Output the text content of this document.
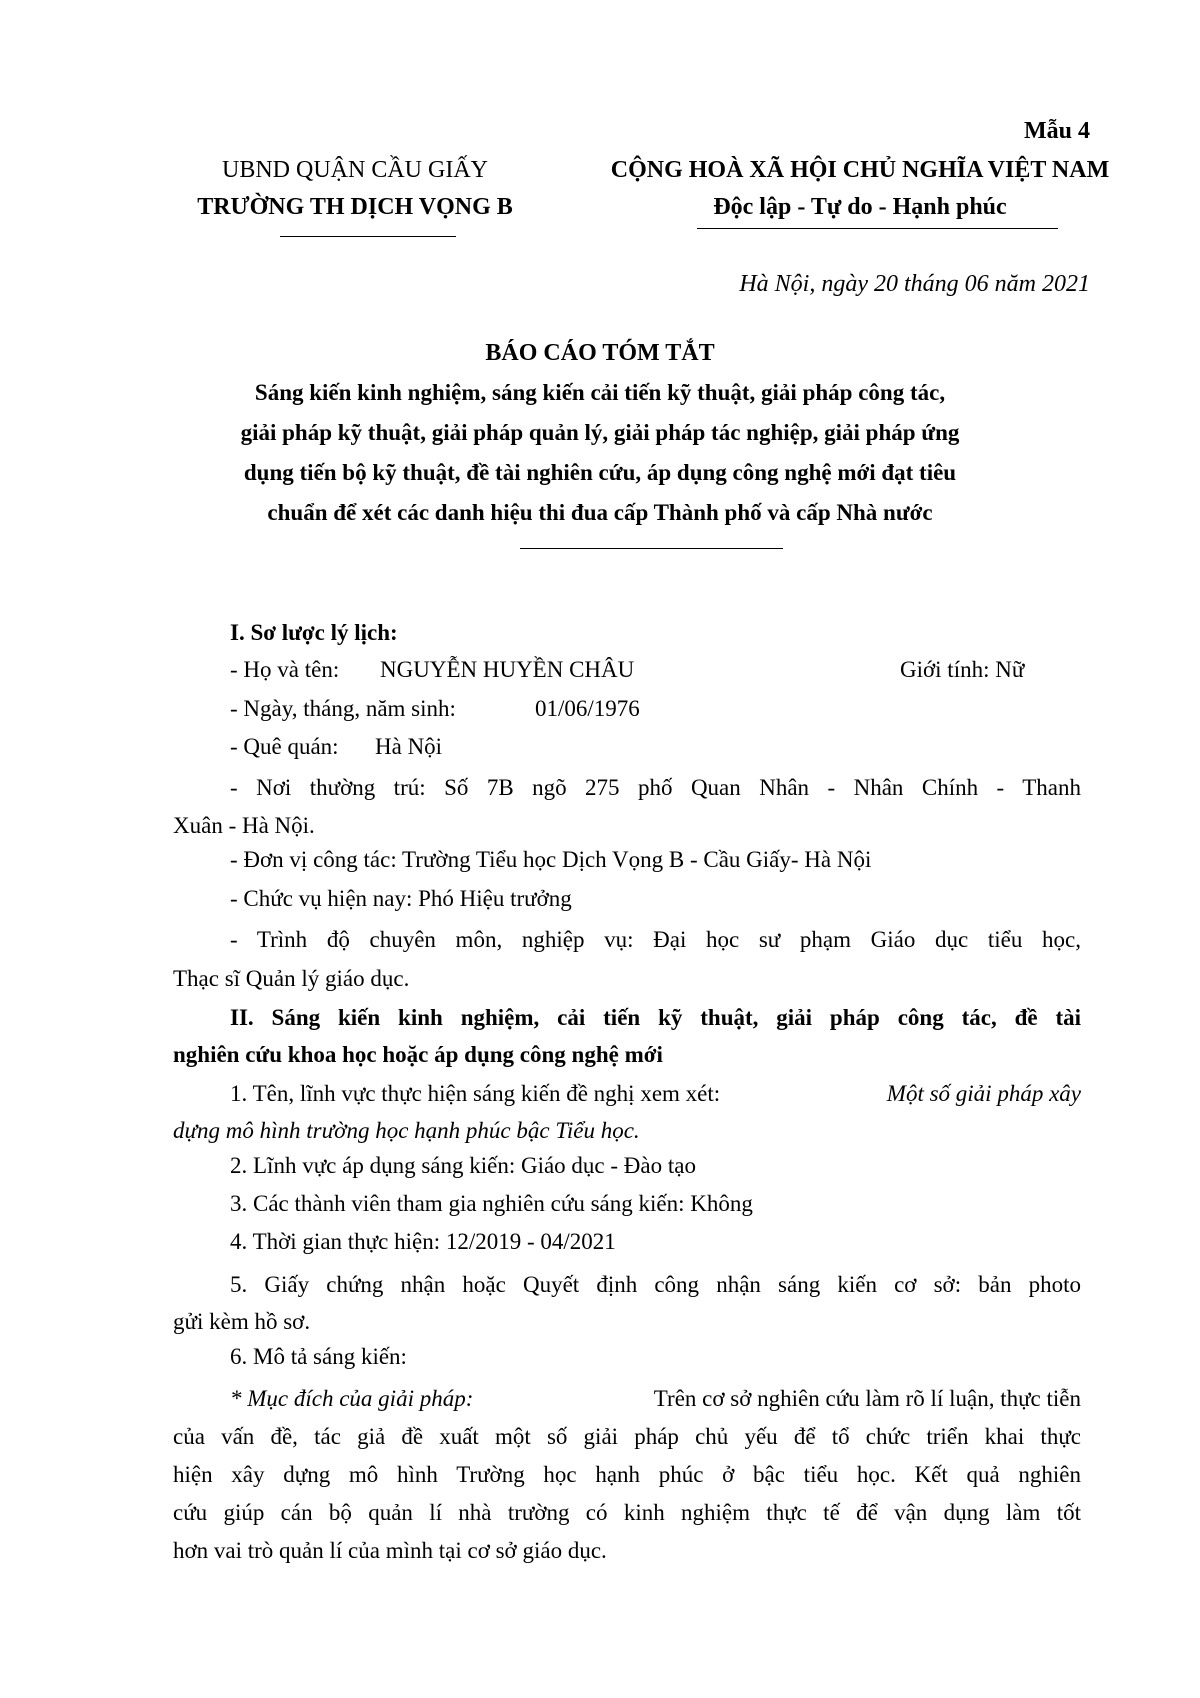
Mẫu 4
UBND QUẬN CẦU GIẤY
TRƯỜNG TH DỊCH VỌNG B
CỘNG HOÀ XÃ HỘI CHỦ NGHĨA VIỆT NAM
Độc lập - Tự do - Hạnh phúc
Hà Nội, ngày 20 tháng 06 năm 2021
BÁO CÁO TÓM TẮT
Sáng kiến kinh nghiệm, sáng kiến cải tiến kỹ thuật, giải pháp công tác,
giải pháp kỹ thuật, giải pháp quản lý, giải pháp tác nghiệp, giải pháp ứng
dụng tiến bộ kỹ thuật, đề tài nghiên cứu, áp dụng công nghệ mới đạt tiêu
chuẩn để xét các danh hiệu thi đua cấp Thành phố và cấp Nhà nước
I. Sơ lược lý lịch:
- Họ và tên: NGUYỄN HUYỀN CHÂU	Giới tính: Nữ
- Ngày, tháng, năm sinh:	01/06/1976
- Quê quán: Hà Nội
- Nơi thường trú: Số 7B ngõ 275 phố Quan Nhân - Nhân Chính - Thanh
Xuân - Hà Nội.
- Đơn vị công tác: Trường Tiểu học Dịch Vọng B - Cầu Giấy- Hà Nội
- Chức vụ hiện nay: Phó Hiệu trưởng
- Trình độ chuyên môn, nghiệp vụ: Đại học sư phạm Giáo dục tiểu học,
Thạc sĩ Quản lý giáo dục.
II. Sáng kiến kinh nghiệm, cải tiến kỹ thuật, giải pháp công tác, đề tài
nghiên cứu khoa học hoặc áp dụng công nghệ mới
1. Tên, lĩnh vực thực hiện sáng kiến đề nghị xem xét:	Một số giải pháp xây
dựng mô hình trường học hạnh phúc bậc Tiểu học.
2. Lĩnh vực áp dụng sáng kiến: Giáo dục - Đào tạo
3. Các thành viên tham gia nghiên cứu sáng kiến: Không
4. Thời gian thực hiện: 12/2019 - 04/2021
5. Giấy chứng nhận hoặc Quyết định công nhận sáng kiến cơ sở: bản photo
gửi kèm hồ sơ.
6. Mô tả sáng kiến:
* Mục đích của giải pháp:	Trên cơ sở nghiên cứu làm rõ lí luận, thực tiễn
của vấn đề, tác giả đề xuất một số giải pháp chủ yếu để tổ chức triển khai thực
hiện xây dựng mô hình Trường học hạnh phúc ở bậc tiểu học. Kết quả nghiên
cứu giúp cán bộ quản lí nhà trường có kinh nghiệm thực tế để vận dụng làm tốt
hơn vai trò quản lí của mình tại cơ sở giáo dục.
